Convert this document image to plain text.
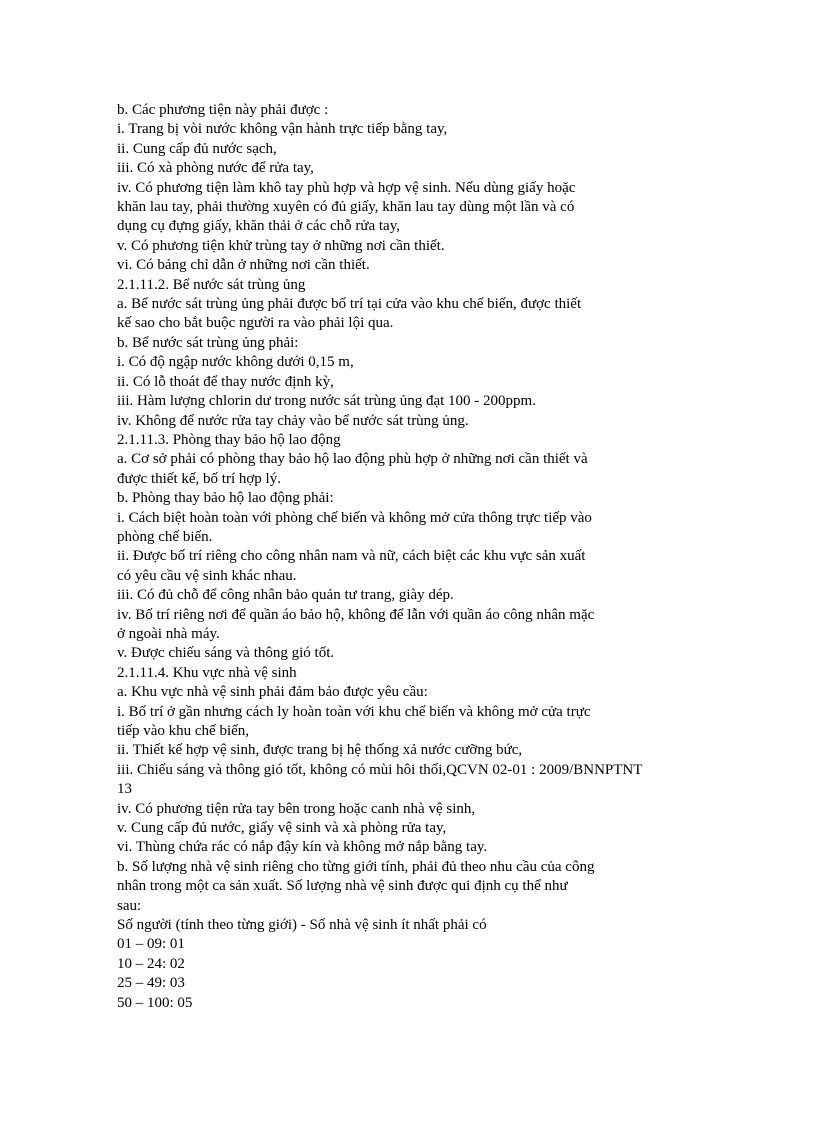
b. Các phương tiện này phải được :

i. Trang bị vòi nước không vận hành trực tiếp bằng tay,

ii. Cung cấp đủ nước sạch,

iii. Có xà phòng nước để rửa tay,

iv. Có phương tiện làm khô tay phù hợp và hợp vệ sinh. Nếu dùng giấy hoặc

khăn lau tay, phải thường xuyên có đủ giấy, khăn lau tay dùng một lần và có

dụng cụ đựng giấy, khăn thải ở các chỗ rửa tay,

v. Có phương tiện khử trùng tay ở những nơi cần thiết.

vi. Có bảng chỉ dẫn ở những nơi cần thiết.

2.1.11.2. Bể nước sát trùng ủng

a. Bể nước sát trùng ủng phải được bố trí tại cửa vào khu chế biến, được thiết

kế sao cho bắt buộc người ra vào phải lội qua.

b. Bể nước sát trùng ủng phải:

i. Có độ ngập nước không dưới 0,15 m,

ii. Có lỗ thoát để thay nước định kỳ,

iii. Hàm lượng chlorin dư trong nước sát trùng ủng đạt 100 - 200ppm.

iv. Không để nước rửa tay chảy vào bể nước sát trùng ủng.

2.1.11.3. Phòng thay bảo hộ lao động

a. Cơ sở phải có phòng thay bảo hộ lao động phù hợp ở những nơi cần thiết và

được thiết kế, bố trí hợp lý.

b. Phòng thay bảo hộ lao động phải:

i. Cách biệt hoàn toàn với phòng chế biến và không mở cửa thông trực tiếp vào

phòng chế biến.

ii. Được bố trí riêng cho công nhân nam và nữ, cách biệt các khu vực sản xuất

có yêu cầu vệ sinh khác nhau.

iii. Có đủ chỗ để công nhân bảo quản tư trang, giày dép.

iv. Bố trí riêng nơi để quần áo bảo hộ, không để lẫn với quần áo công nhân mặc

ở ngoài nhà máy.

v. Được chiếu sáng và thông gió tốt.

2.1.11.4. Khu vực nhà vệ sinh

a. Khu vực nhà vệ sinh phải đảm bảo được yêu cầu:

i. Bố trí ở gần nhưng cách ly hoàn toàn với khu chế biến và không mở cửa trực

tiếp vào khu chế biến,

ii. Thiết kế hợp vệ sinh, được trang bị hệ thống xả nước cưỡng bức,

iii. Chiếu sáng và thông gió tốt, không có mùi hôi thối,QCVN 02-01 : 2009/BNNPTNT

13

iv. Có phương tiện rửa tay bên trong hoặc canh nhà vệ sinh,

v. Cung cấp đủ nước, giấy vệ sinh và xà phòng rửa tay,

vi. Thùng chứa rác có nắp đậy kín và không mở nắp bằng tay.

b. Số lượng nhà vệ sinh riêng cho từng giới tính, phải đủ theo nhu cầu của công

nhân trong một ca sản xuất. Số lượng nhà vệ sinh được qui định cụ thể như

sau:

Số người (tính theo từng giới) - Số nhà vệ sinh ít nhất phải có

01 – 09: 01

10 – 24: 02

25 – 49: 03

50 – 100: 05
